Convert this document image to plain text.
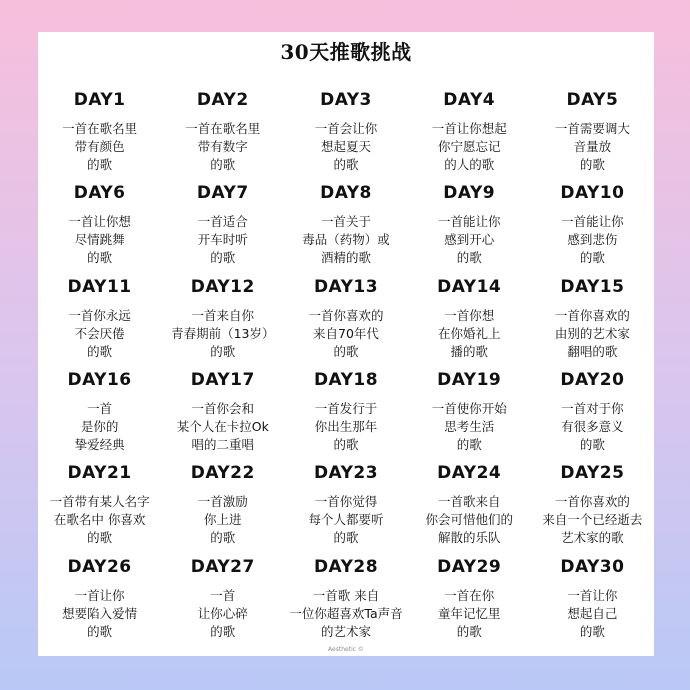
30天推歌挑战
DAY1
一首在歌名里
带有颜色
的歌
DAY2
一首在歌名里
带有数字
的歌
DAY3
一首会让你
想起夏天
的歌
DAY4
一首让你想起
你宁愿忘记
的人的歌
DAY5
一首需要调大
音量放
的歌
DAY6
一首让你想
尽情跳舞
的歌
DAY7
一首适合
开车时听
的歌
DAY8
一首关于
毒品（药物）或
酒精的歌
DAY9
一首能让你
感到开心
的歌
DAY10
一首能让你
感到悲伤
的歌
DAY11
一首你永远
不会厌倦
的歌
DAY12
一首来自你
青春期前（13岁）
的歌
DAY13
一首你喜欢的
来自70年代
的歌
DAY14
一首你想
在你婚礼上
播的歌
DAY15
一首你喜欢的
由别的艺术家
翻唱的歌
DAY16
一首
是你的
挚爱经典
DAY17
一首你会和
某个人在卡拉Ok
唱的二重唱
DAY18
一首发行于
你出生那年
的歌
DAY19
一首使你开始
思考生活
的歌
DAY20
一首对于你
有很多意义
的歌
DAY21
一首带有某人名字
在歌名中 你喜欢
的歌
DAY22
一首激励
你上进
的歌
DAY23
一首你觉得
每个人都要听
的歌
DAY24
一首歌来自
你会可惜他们的
解散的乐队
DAY25
一首你喜欢的
来自一个已经逝去
艺术家的歌
DAY26
一首让你
想要陷入爱情
的歌
DAY27
一首
让你心碎
的歌
DAY28
一首歌 来自
一位你超喜欢Ta声音
的艺术家
DAY29
一首在你
童年记忆里
的歌
DAY30
一首让你
想起自己
的歌
Aesthetic ©
